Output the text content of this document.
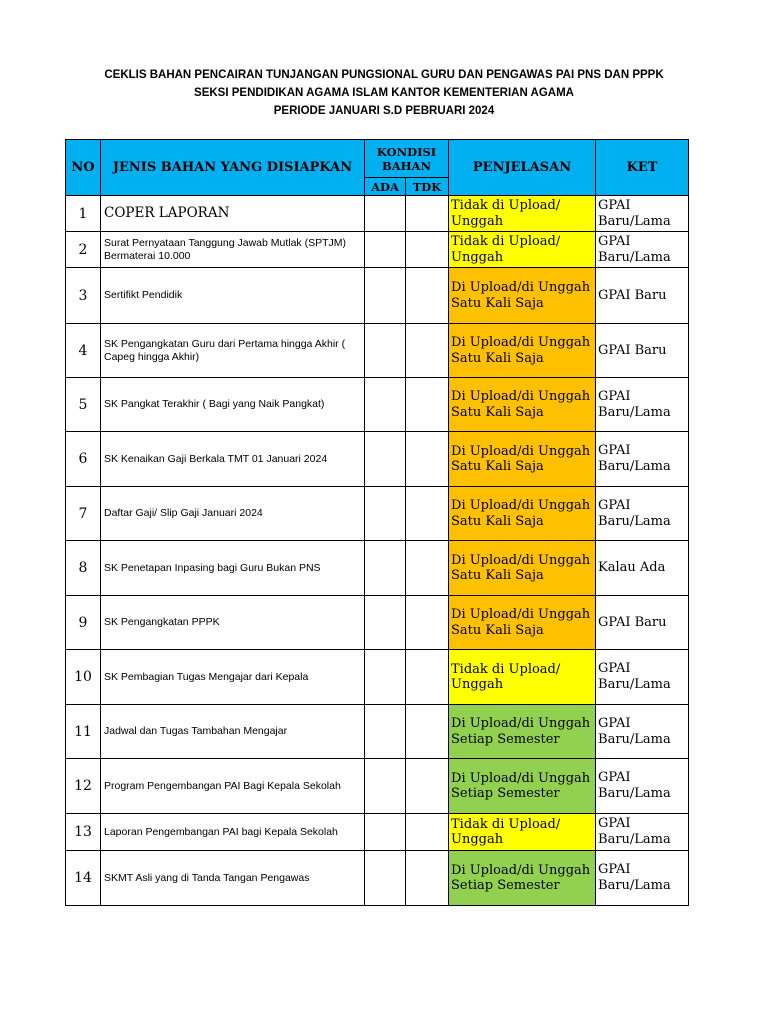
CEKLIS BAHAN PENCAIRAN TUNJANGAN PUNGSIONAL GURU DAN PENGAWAS PAI PNS DAN PPPK
SEKSI PENDIDIKAN AGAMA ISLAM KANTOR KEMENTERIAN AGAMA
PERIODE JANUARI S.D PEBRUARI 2024
NO	JENIS BAHAN YANG DISIAPKAN	KONDISI BAHAN		PENJELASAN	KET
		ADA	TDK		
1	COPER LAPORAN			Tidak di Upload/ Unggah	GPAI Baru/Lama
2	Surat Pernyataan Tanggung Jawab Mutlak (SPTJM) Bermaterai 10.000			Tidak di Upload/ Unggah	GPAI Baru/Lama
3	Sertifikt Pendidik			Di Upload/di Unggah Satu Kali Saja	GPAI Baru
4	SK Pengangkatan Guru dari Pertama hingga Akhir ( Capeg hingga Akhir)			Di Upload/di Unggah Satu Kali Saja	GPAI Baru
5	SK Pangkat Terakhir ( Bagi yang Naik Pangkat)			Di Upload/di Unggah Satu Kali Saja	GPAI Baru/Lama
6	SK Kenaikan Gaji Berkala TMT 01 Januari 2024			Di Upload/di Unggah Satu Kali Saja	GPAI Baru/Lama
7	Daftar Gaji/ Slip Gaji Januari 2024			Di Upload/di Unggah Satu Kali Saja	GPAI Baru/Lama
8	SK Penetapan Inpasing bagi Guru Bukan PNS			Di Upload/di Unggah Satu Kali Saja	Kalau Ada
9	SK Pengangkatan PPPK			Di Upload/di Unggah Satu Kali Saja	GPAI Baru
10	SK Pembagian Tugas Mengajar dari Kepala			Tidak di Upload/ Unggah	GPAI Baru/Lama
11	Jadwal dan Tugas Tambahan Mengajar			Di Upload/di Unggah Setiap Semester	GPAI Baru/Lama
12	Program Pengembangan PAI Bagi Kepala Sekolah			Di Upload/di Unggah Setiap Semester	GPAI Baru/Lama
13	Laporan Pengembangan PAI bagi Kepala Sekolah			Tidak di Upload/ Unggah	GPAI Baru/Lama
14	SKMT Asli yang di Tanda Tangan Pengawas			Di Upload/di Unggah Setiap Semester	GPAI Baru/Lama
